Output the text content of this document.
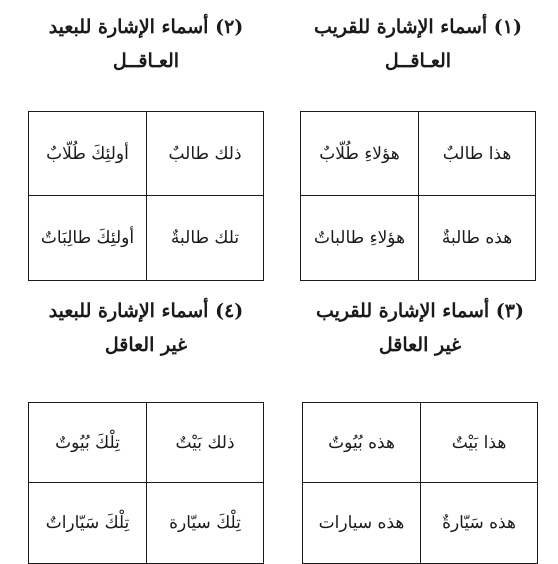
(١) أسماء الإشارة للقريب
العـاقــل
هذا طالبٌ
هؤلاءِ طُلّابٌ
هذه طالبةٌ
هؤلاءِ طالباتٌ
(٢) أسماء الإشارة للبعيد
العـاقــل
ذلك طالبٌ
أولئِكَ طُلّابٌ
تلك طالبةٌ
أولئِكَ طالِبَاتٌ
(٣) أسماء الإشارة للقريب
غير العاقل
هذا بَيْتٌ
هذه بُيُوتٌ
هذه سَيّارةٌ
هذه سيارات
(٤) أسماء الإشارة للبعيد
غير العاقل
ذلك بَيْتٌ
تِلْكَ بُيُوتٌ
تِلْكَ سيّارة
تِلْكَ سَيّاراتٌ
